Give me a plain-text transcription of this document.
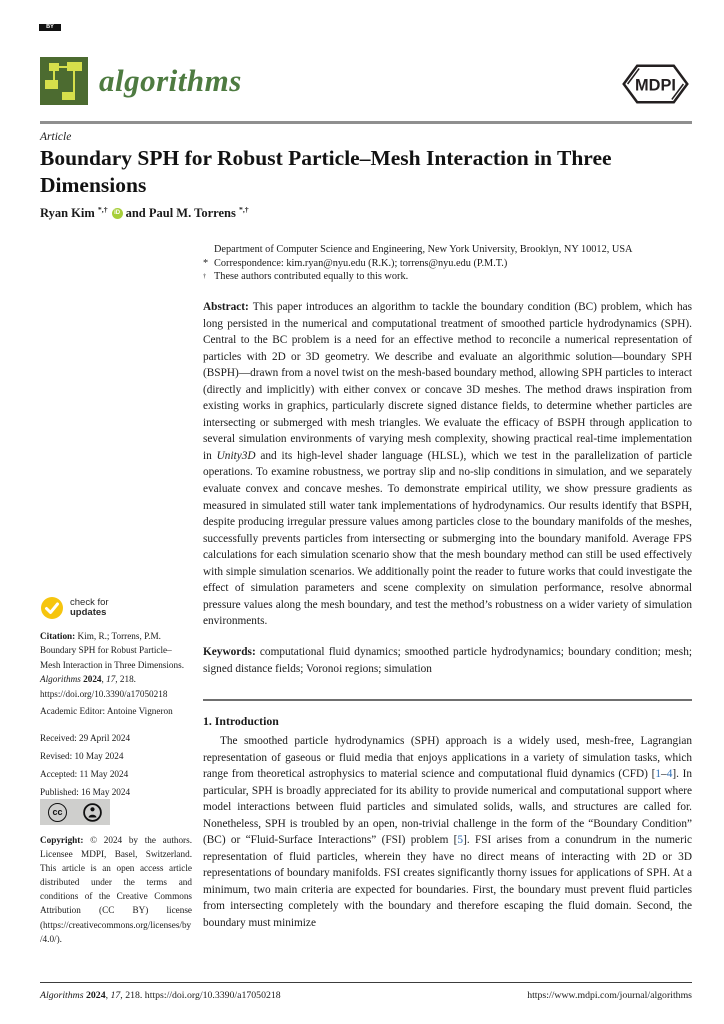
algorithms	MDPI
Article
Boundary SPH for Robust Particle–Mesh Interaction in Three Dimensions
Ryan Kim *,† iD and Paul M. Torrens *,†
Department of Computer Science and Engineering, New York University, Brooklyn, NY 10012, USA
* Correspondence: kim.ryan@nyu.edu (R.K.); torrens@nyu.edu (P.M.T.)
† These authors contributed equally to this work.

Abstract: This paper introduces an algorithm to tackle the boundary condition (BC) problem, which has long persisted in the numerical and computational treatment of smoothed particle hydrodynamics (SPH). Central to the BC problem is a need for an effective method to reconcile a numerical representation of particles with 2D or 3D geometry. We describe and evaluate an algorithmic solution—boundary SPH (BSPH)—drawn from a novel twist on the mesh-based boundary method, allowing SPH particles to interact (directly and implicitly) with either convex or concave 3D meshes. The method draws inspiration from existing works in graphics, particularly discrete signed distance fields, to determine whether particles are intersecting or submerged with mesh triangles. We evaluate the efficacy of BSPH through application to several simulation environments of varying mesh complexity, showing practical real-time implementation in Unity3D and its high-level shader language (HLSL), which we test in the parallelization of particle operations. To examine robustness, we portray slip and no-slip conditions in simulation, and we separately evaluate convex and concave meshes. To demonstrate empirical utility, we show pressure gradients as measured in simulated still water tank implementations of hydrodynamics. Our results identify that BSPH, despite producing irregular pressure values among particles close to the boundary manifolds of the meshes, successfully prevents particles from intersecting or submerging into the boundary manifold. Average FPS calculations for each simulation scenario show that the mesh boundary method can still be used effectively with simple simulation scenarios. We additionally point the reader to future works that could investigate the effect of simulation parameters and scene complexity on simulation performance, resolve abnormal pressure values along the mesh boundary, and test the method’s robustness on a wider variety of simulation environments.

Keywords: computational fluid dynamics; smoothed particle hydrodynamics; boundary condition; mesh; signed distance fields; Voronoi regions; simulation

1. Introduction

The smoothed particle hydrodynamics (SPH) approach is a widely used, mesh-free, Lagrangian representation of gaseous or fluid media that enjoys applications in a variety of simulation tasks, which range from theoretical astrophysics to material science and computational fluid dynamics (CFD) [1–4]. In particular, SPH is broadly appreciated for its ability to provide numerical and computational support where model interactions between fluid particles and simulated solids, walls, and structures are called for. Nonetheless, SPH is troubled by an open, non-trivial challenge in the form of the “Boundary Condition” (BC) or “Fluid-Surface Interactions” (FSI) problem [5]. FSI arises from a conundrum in the numeric representation of fluid particles, wherein they have no direct means of interacting with 2D or 3D representations of boundary manifolds. FSI creates significantly thorny issues for applications of SPH. At a minimum, two main criteria are expected for boundaries. First, the boundary must prevent fluid particles from intersecting completely with the boundary and therefore escaping the fluid domain. Second, the boundary must minimize

check for
updates
Citation: Kim, R.; Torrens, P.M. Boundary SPH for Robust Particle–Mesh Interaction in Three Dimensions. Algorithms 2024, 17, 218. https://doi.org/10.3390/a17050218
Academic Editor: Antoine Vigneron
Received: 29 April 2024
Revised: 10 May 2024
Accepted: 11 May 2024
Published: 16 May 2024
cc
BY
Copyright: © 2024 by the authors. Licensee MDPI, Basel, Switzerland. This article is an open access article distributed under the terms and conditions of the Creative Commons Attribution (CC BY) license (https://creativecommons.org/licenses/by/4.0/).
Algorithms 2024, 17, 218. https://doi.org/10.3390/a17050218	https://www.mdpi.com/journal/algorithms
